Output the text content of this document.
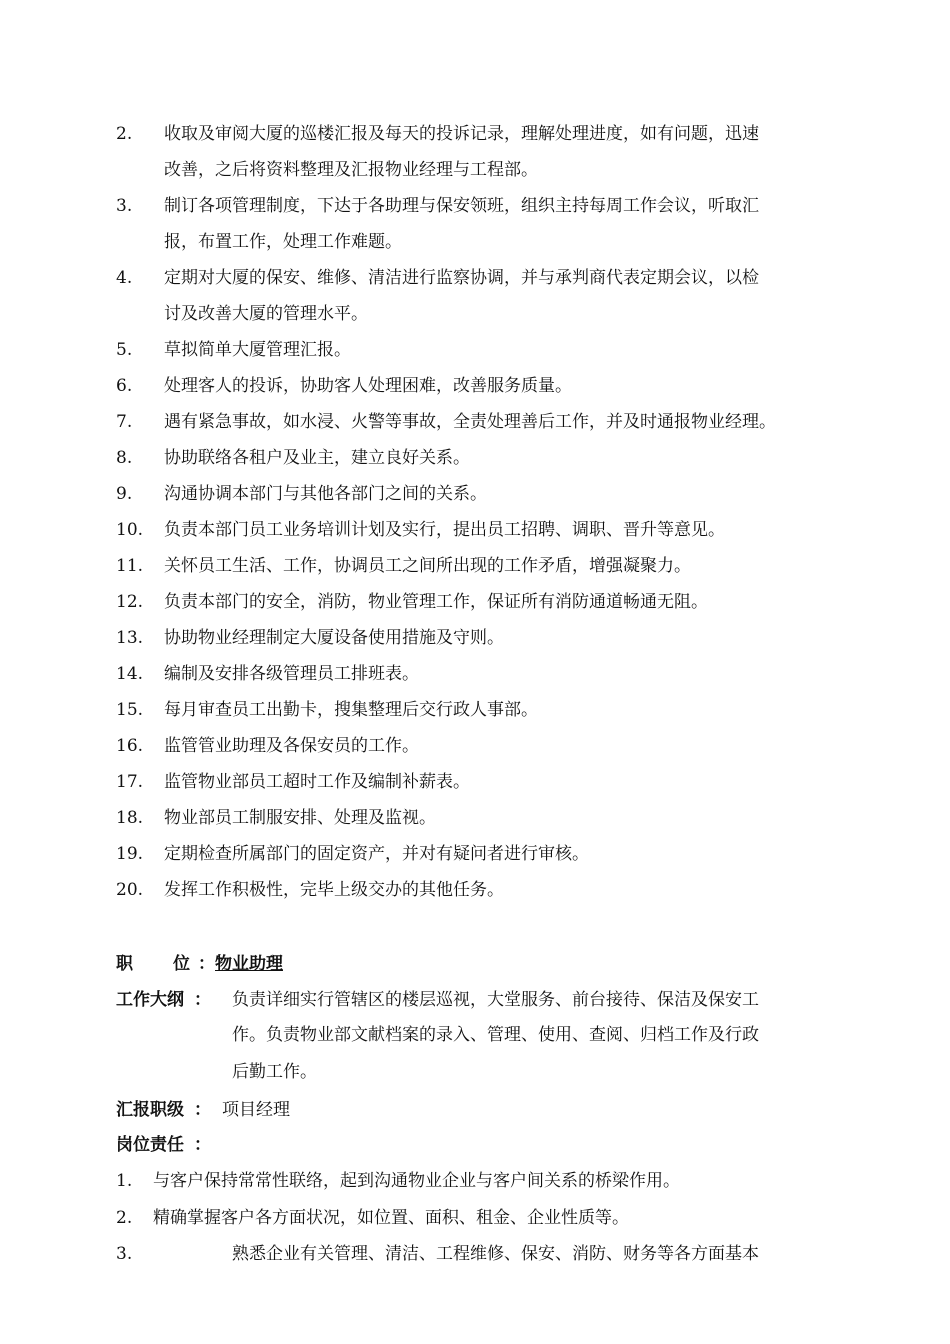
2. 收取及审阅大厦的巡楼汇报及每天的投诉记录，理解处理进度，如有问题，迅速
改善，之后将资料整理及汇报物业经理与工程部。
3. 制订各项管理制度，下达于各助理与保安领班，组织主持每周工作会议，听取汇
报，布置工作，处理工作难题。
4. 定期对大厦的保安、维修、清洁进行监察协调，并与承判商代表定期会议，以检
讨及改善大厦的管理水平。
5. 草拟简单大厦管理汇报。
6. 处理客人的投诉，协助客人处理困难，改善服务质量。
7. 遇有紧急事故，如水浸、火警等事故，全责处理善后工作，并及时通报物业经理。
8. 协助联络各租户及业主，建立良好关系。
9. 沟通协调本部门与其他各部门之间的关系。
10. 负责本部门员工业务培训计划及实行，提出员工招聘、调职、晋升等意见。
11. 关怀员工生活、工作，协调员工之间所出现的工作矛盾，增强凝聚力。
12. 负责本部门的安全，消防，物业管理工作，保证所有消防通道畅通无阻。
13. 协助物业经理制定大厦设备使用措施及守则。
14. 编制及安排各级管理员工排班表。
15. 每月审查员工出勤卡，搜集整理后交行政人事部。
16. 监管管业助理及各保安员的工作。
17. 监管物业部员工超时工作及编制补薪表。
18. 物业部员工制服安排、处理及监视。
19. 定期检查所属部门的固定资产，并对有疑问者进行审核。
20. 发挥工作积极性，完毕上级交办的其他任务。
职 位 ：物业助理
工作大纲 ： 负责详细实行管辖区的楼层巡视，大堂服务、前台接待、保洁及保安工
作。负责物业部文献档案的录入、管理、使用、查阅、归档工作及行政
后勤工作。
汇报职级 ： 项目经理
岗位责任 ：
1. 与客户保持常常性联络，起到沟通物业企业与客户间关系的桥梁作用。
2. 精确掌握客户各方面状况，如位置、面积、租金、企业性质等。
3.	熟悉企业有关管理、清洁、工程维修、保安、消防、财务等各方面基本
